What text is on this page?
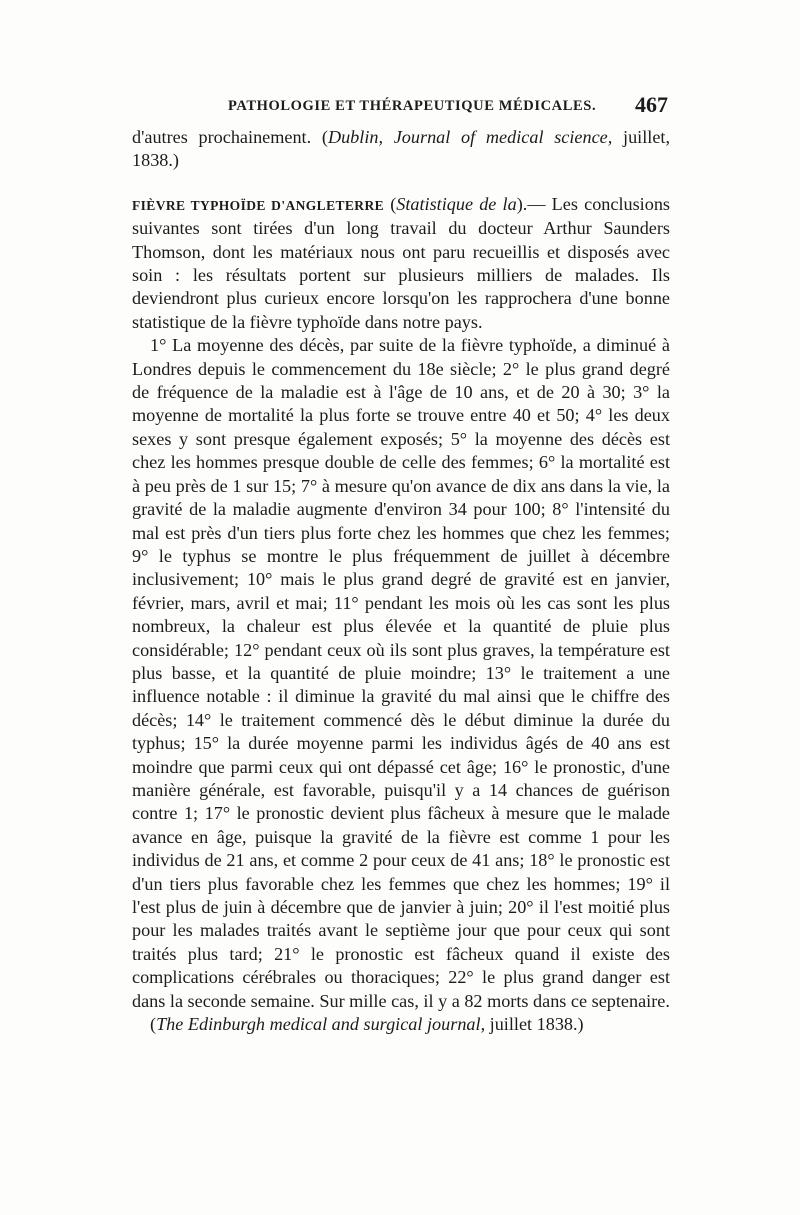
PATHOLOGIE ET THÉRAPEUTIQUE MÉDICALES. 467

d'autres prochainement. (Dublin, Journal of medical science, juillet, 1838.)

FIÈVRE TYPHOÏDE D'ANGLETERRE (Statistique de la).— Les conclusions suivantes sont tirées d'un long travail du docteur Arthur Saunders Thomson, dont les matériaux nous ont paru recueillis et disposés avec soin : les résultats portent sur plusieurs milliers de malades. Ils deviendront plus curieux encore lorsqu'on les rapprochera d'une bonne statistique de la fièvre typhoïde dans notre pays.

1° La moyenne des décès, par suite de la fièvre typhoïde, a diminué à Londres depuis le commencement du 18e siècle; 2° le plus grand degré de fréquence de la maladie est à l'âge de 10 ans, et de 20 à 30; 3° la moyenne de mortalité la plus forte se trouve entre 40 et 50; 4° les deux sexes y sont presque également exposés; 5° la moyenne des décès est chez les hommes presque double de celle des femmes; 6° la mortalité est à peu près de 1 sur 15; 7° à mesure qu'on avance de dix ans dans la vie, la gravité de la maladie augmente d'environ 34 pour 100; 8° l'intensité du mal est près d'un tiers plus forte chez les hommes que chez les femmes; 9° le typhus se montre le plus fréquemment de juillet à décembre inclusivement; 10° mais le plus grand degré de gravité est en janvier, février, mars, avril et mai; 11° pendant les mois où les cas sont les plus nombreux, la chaleur est plus élevée et la quantité de pluie plus considérable; 12° pendant ceux où ils sont plus graves, la température est plus basse, et la quantité de pluie moindre; 13° le traitement a une influence notable : il diminue la gravité du mal ainsi que le chiffre des décès; 14° le traitement commencé dès le début diminue la durée du typhus; 15° la durée moyenne parmi les individus âgés de 40 ans est moindre que parmi ceux qui ont dépassé cet âge; 16° le pronostic, d'une manière générale, est favorable, puisqu'il y a 14 chances de guérison contre 1; 17° le pronostic devient plus fâcheux à mesure que le malade avance en âge, puisque la gravité de la fièvre est comme 1 pour les individus de 21 ans, et comme 2 pour ceux de 41 ans; 18° le pronostic est d'un tiers plus favorable chez les femmes que chez les hommes; 19° il l'est plus de juin à décembre que de janvier à juin; 20° il l'est moitié plus pour les malades traités avant le septième jour que pour ceux qui sont traités plus tard; 21° le pronostic est fâcheux quand il existe des complications cérébrales ou thoraciques; 22° le plus grand danger est dans la seconde semaine. Sur mille cas, il y a 82 morts dans ce septenaire.

(The Edinburgh medical and surgical journal, juillet 1838.)
